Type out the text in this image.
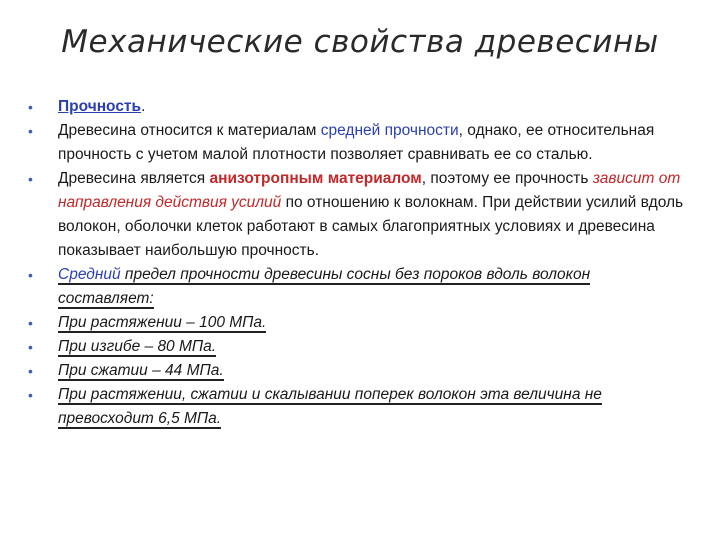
Механические свойства древесины
• Прочность.
• Древесина относится к материалам средней прочности, однако, ее относительная прочность с учетом малой плотности позволяет сравнивать ее со сталью.
• Древесина является анизотропным материалом, поэтому ее прочность зависит от направления действия усилий по отношению к волокнам. При действии усилий вдоль волокон, оболочки клеток работают в самых благоприятных условиях и древесина показывает наибольшую прочность.
• Средний предел прочности древесины сосны без пороков вдоль волокон составляет:
• При растяжении – 100 МПа.
• При изгибе – 80 МПа.
• При сжатии – 44 МПа.
• При растяжении, сжатии и скалывании поперек волокон эта величина не превосходит 6,5 МПа.
